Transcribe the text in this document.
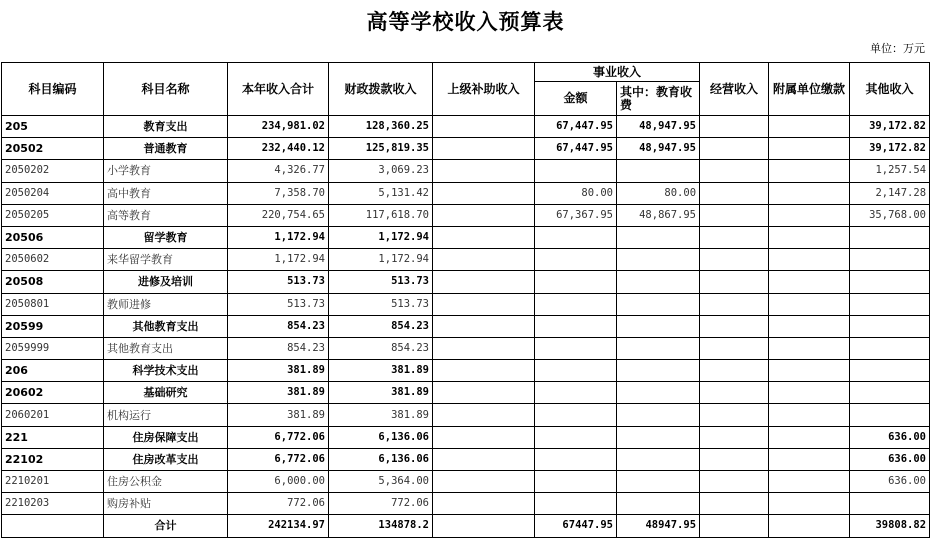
高等学校收入预算表
单位：万元
科目编码	科目名称	本年收入合计	财政拨款收入	上级补助收入	事业收入		经营收入	附属单位缴款	其他收入
					金额	其中：教育收费			
205	教育支出	234,981.02	128,360.25		67,447.95	48,947.95			39,172.82
20502	普通教育	232,440.12	125,819.35		67,447.95	48,947.95			39,172.82
2050202	小学教育	4,326.77	3,069.23						1,257.54
2050204	高中教育	7,358.70	5,131.42		80.00	80.00			2,147.28
2050205	高等教育	220,754.65	117,618.70		67,367.95	48,867.95			35,768.00
20506	留学教育	1,172.94	1,172.94						
2050602	来华留学教育	1,172.94	1,172.94						
20508	进修及培训	513.73	513.73						
2050801	教师进修	513.73	513.73						
20599	其他教育支出	854.23	854.23						
2059999	其他教育支出	854.23	854.23						
206	科学技术支出	381.89	381.89						
20602	基础研究	381.89	381.89						
2060201	机构运行	381.89	381.89						
221	住房保障支出	6,772.06	6,136.06						636.00
22102	住房改革支出	6,772.06	6,136.06						636.00
2210201	住房公积金	6,000.00	5,364.00						636.00
2210203	购房补贴	772.06	772.06						
	合计	242134.97	134878.2		67447.95	48947.95			39808.82
